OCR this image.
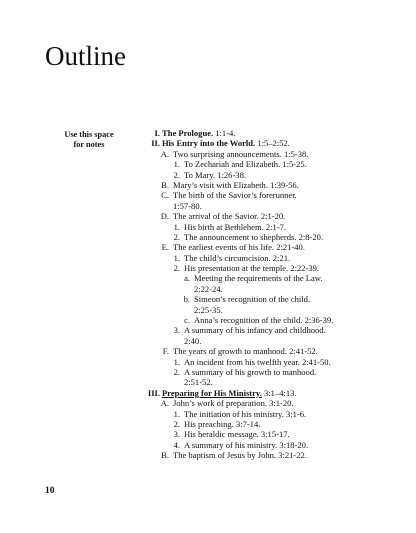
Outline
Use this space
for notes
I. The Prologue. 1:1-4.
II. His Entry into the World. 1:5–2:52.
A. Two surprising announcements. 1:5-38.
1. To Zechariah and Elizabeth. 1:5-25.
2. To Mary. 1:26-38.
B. Mary’s visit with Elizabeth. 1:39-56.
C. The birth of the Savior’s forerunner.
1:57-80.
D. The arrival of the Savior. 2:1-20.
1. His birth at Bethlehem. 2:1-7.
2. The announcement to shepherds. 2:8-20.
E. The earliest events of his life. 2:21-40.
1. The child’s circumcision. 2:21.
2. His presentation at the temple. 2:22-39.
a. Meeting the requirements of the Law.
2:22-24.
b. Simeon’s recognition of the child.
2:25-35.
c. Anna’s recognition of the child. 2:36-39.
3. A summary of his infancy and childhood.
2:40.
F. The years of growth to manhood. 2:41-52.
1. An incident from his twelfth year. 2:41-50.
2. A summary of his growth to manhood.
2:51-52.
III. Preparing for His Ministry. 3:1–4:13.
A. John’s work of preparation. 3:1-20.
1. The initiation of his ministry. 3:1-6.
2. His preaching. 3:7-14.
3. His heraldic message. 3:15-17.
4. A summary of his ministry. 3:18-20.
B. The baptism of Jesus by John. 3:21-22.
10
